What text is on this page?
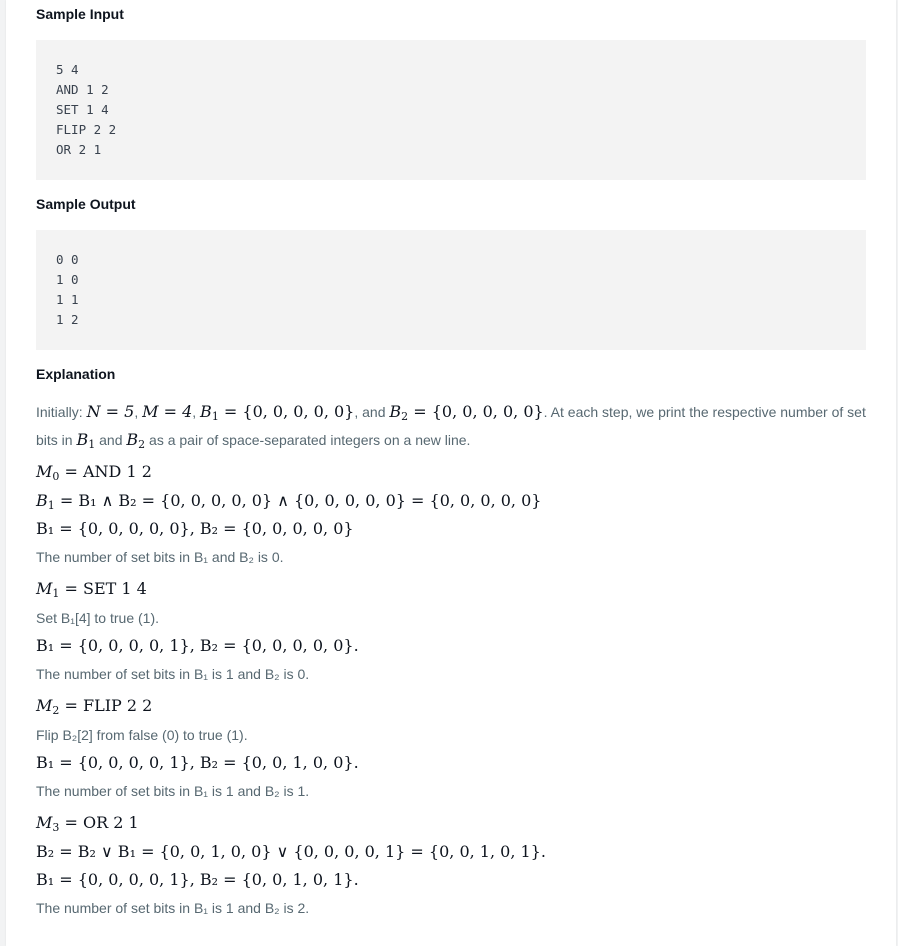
Sample Input
5 4
AND 1 2
SET 1 4
FLIP 2 2
OR 2 1
Sample Output
0 0
1 0
1 1
1 2
Explanation
Initially: N = 5, M = 4, $B_1 = \{0$, 0, 0, 0, 0}, and $B_2 = \{0$, 0, 0, 0, 0}. At each step, we print the respective number of set bits in $B_1$ and $B_2$ as a pair of space-separated integers on a new line.
$M_0$ = AND 1 2
$B_1 = B_1$ ∧ B₂ = {0, 0, 0, 0, 0} ∧ {0, 0, 0, 0, 0} = {0, 0, 0, 0, 0}
B₁ = {0, 0, 0, 0, 0}, B₂ = {0, 0, 0, 0, 0}
The number of set bits in B₁ and B₂ is 0.
$M_1$ = SET 1 4
Set B₁[4] to true (1).
B₁ = {0, 0, 0, 0, 1}, B₂ = {0, 0, 0, 0, 0}.
The number of set bits in B₁ is 1 and B₂ is 0.
$M_2$ = FLIP 2 2
Flip B₂[2] from false (0) to true (1).
B₁ = {0, 0, 0, 0, 1}, B₂ = {0, 0, 1, 0, 0}.
The number of set bits in B₁ is 1 and B₂ is 1.
$M_3$ = OR 2 1
B₂ = B₂ ∨ B₁ = {0, 0, 1, 0, 0} ∨ {0, 0, 0, 0, 1} = {0, 0, 1, 0, 1}.
B₁ = {0, 0, 0, 0, 1}, B₂ = {0, 0, 1, 0, 1}.
The number of set bits in B₁ is 1 and B₂ is 2.
